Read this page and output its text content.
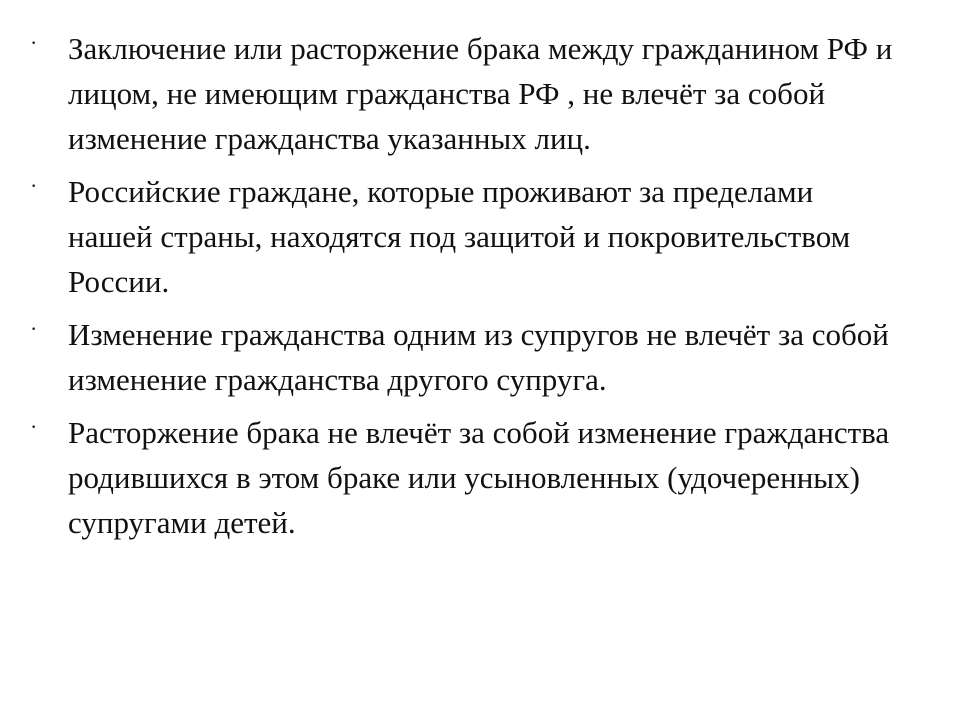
· Заключение или расторжение брака между гражданином РФ и лицом, не имеющим гражданства РФ , не влечёт за собой изменение гражданства указанных лиц.
· Российские граждане, которые проживают за пределами нашей страны, находятся под защитой и покровительством России.
· Изменение гражданства одним из супругов не влечёт за собой изменение гражданства другого супруга.
· Расторжение брака не влечёт за собой изменение гражданства родившихся в этом браке или усыновленных (удочеренных) супругами детей.
